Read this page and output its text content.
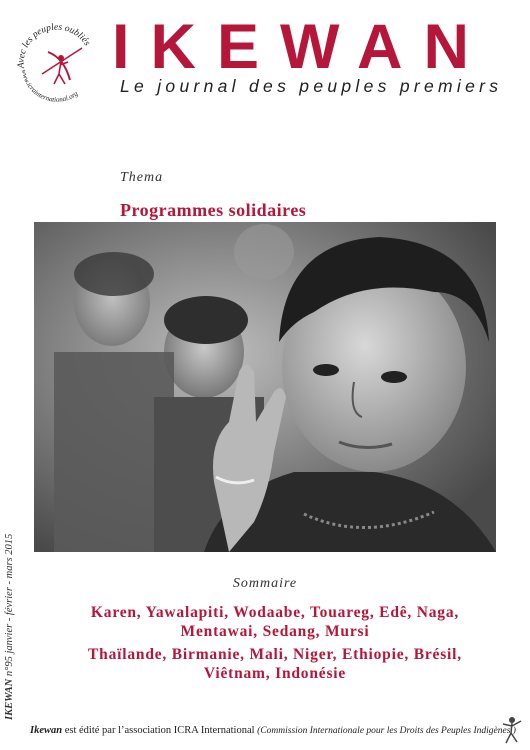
Avec les peuples oubliés
www.icrainternational.org
IKEWAN
Le journal des peuples premiers
Thema
Programmes solidaires
IKEWAN n°95 janvier - février - mars 2015	Sommaire
Karen, Yawalapiti, Wodaabe, Touareg, Edê, Naga,
Mentawai, Sedang, Mursi
Thaïlande, Birmanie, Mali, Niger, Ethiopie, Brésil,
Viêtnam, Indonésie
Ikewan est édité par l’association ICRA International (Commission Internationale pour les Droits des Peuples Indigènes )
